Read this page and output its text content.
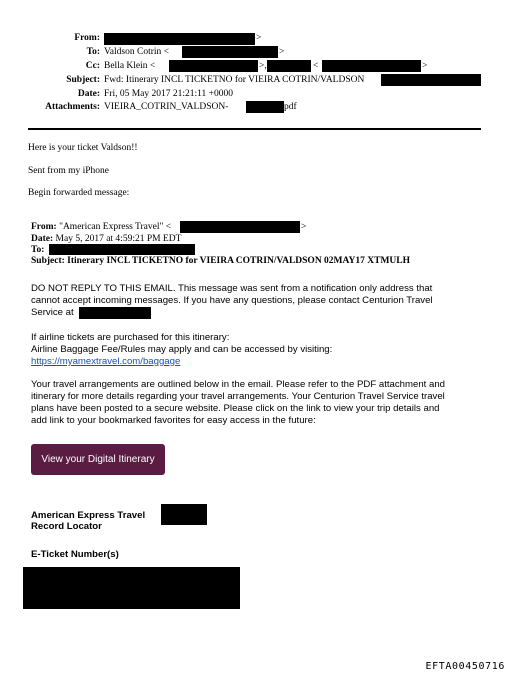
From:	>
To: Valdson Cotrin <	>
Cc: Bella Klein <	>,	<	>
Subject: Fwd: Itinerary INCL TICKETNO for VIEIRA COTRIN/VALDSON
Date: Fri, 05 May 2017 21:21:11 +0000
Attachments: VIEIRA_COTRIN_VALDSON-	pdf
Here is your ticket Valdson!!
Sent from my iPhone
Begin forwarded message:
From: "American Express Travel" <	>
Date: May 5, 2017 at 4:59:21 PM EDT
To:
Subject: Itinerary INCL TICKETNO for VIEIRA COTRIN/VALDSON 02MAY17 XTMULH
DO NOT REPLY TO THIS EMAIL. This message was sent from a notification only address that
cannot accept incoming messages. If you have any questions, please contact Centurion Travel
Service at
If airline tickets are purchased for this itinerary:
Airline Baggage Fee/Rules may apply and can be accessed by visiting:
https://myamextravel.com/baggage
Your travel arrangements are outlined below in the email. Please refer to the PDF attachment and
itinerary for more details regarding your travel arrangements. Your Centurion Travel Service travel
plans have been posted to a secure website. Please click on the link to view your trip details and
add link to your bookmarked favorites for easy access in the future:
View your Digital Itinerary
American Express Travel
Record Locator
E-Ticket Number(s)
EFTA00450716
